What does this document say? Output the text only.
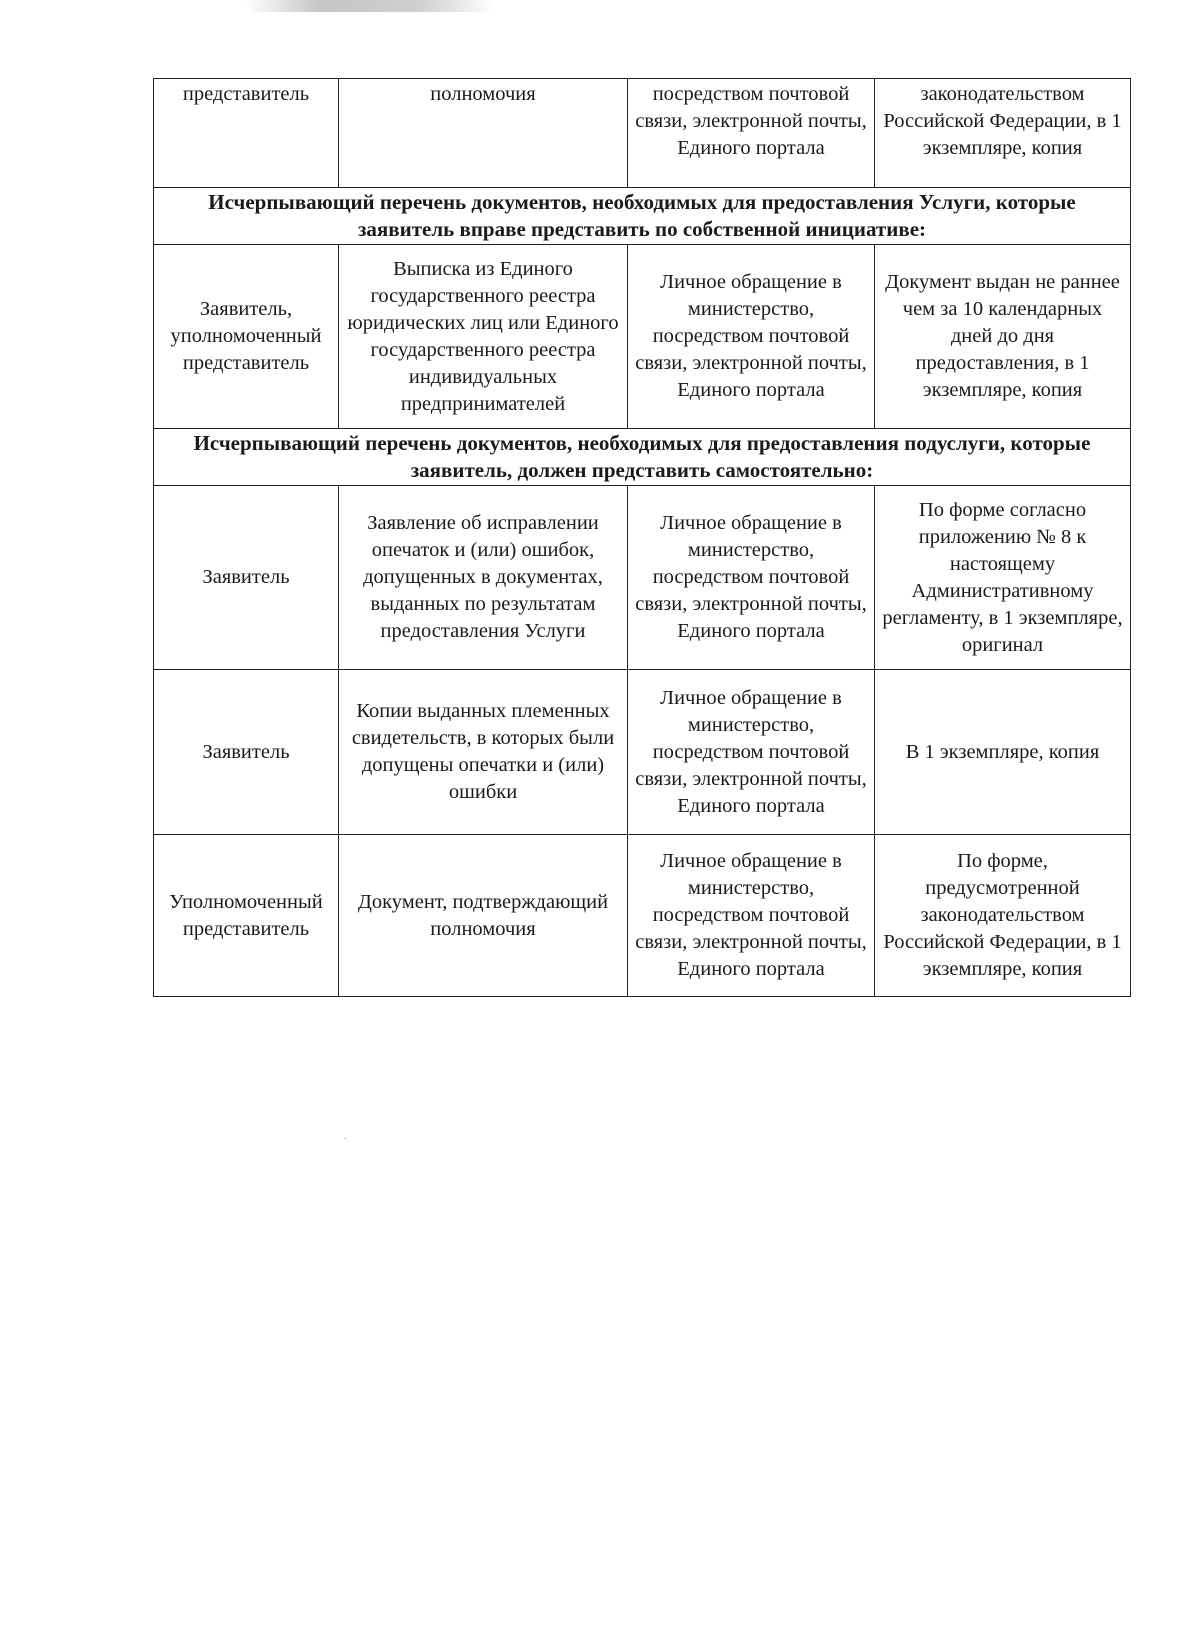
представитель	полномочия	посредством почтовой связи, электронной почты, Единого портала	законодательством Российской Федерации, в 1 экземпляре, копия
Исчерпывающий перечень документов, необходимых для предоставления Услуги, которые заявитель вправе представить по собственной инициативе:			
Заявитель, уполномоченный представитель	Выписка из Единого государственного реестра юридических лиц или Единого государственного реестра индивидуальных предпринимателей	Личное обращение в министерство, посредством почтовой связи, электронной почты, Единого портала	Документ выдан не раннее чем за 10 календарных дней до дня предоставления, в 1 экземпляре, копия
Исчерпывающий перечень документов, необходимых для предоставления подуслуги, которые заявитель, должен представить самостоятельно:			
Заявитель	Заявление об исправлении опечаток и (или) ошибок, допущенных в документах, выданных по результатам предоставления Услуги	Личное обращение в министерство, посредством почтовой связи, электронной почты, Единого портала	По форме согласно приложению № 8 к настоящему Административному регламенту, в 1 экземпляре, оригинал
Заявитель	Копии выданных племенных свидетельств, в которых были допущены опечатки и (или) ошибки	Личное обращение в министерство, посредством почтовой связи, электронной почты, Единого портала	В 1 экземпляре, копия
Уполномоченный представитель	Документ, подтверждающий полномочия	Личное обращение в министерство, посредством почтовой связи, электронной почты, Единого портала	По форме, предусмотренной законодательством Российской Федерации, в 1 экземпляре, копия
